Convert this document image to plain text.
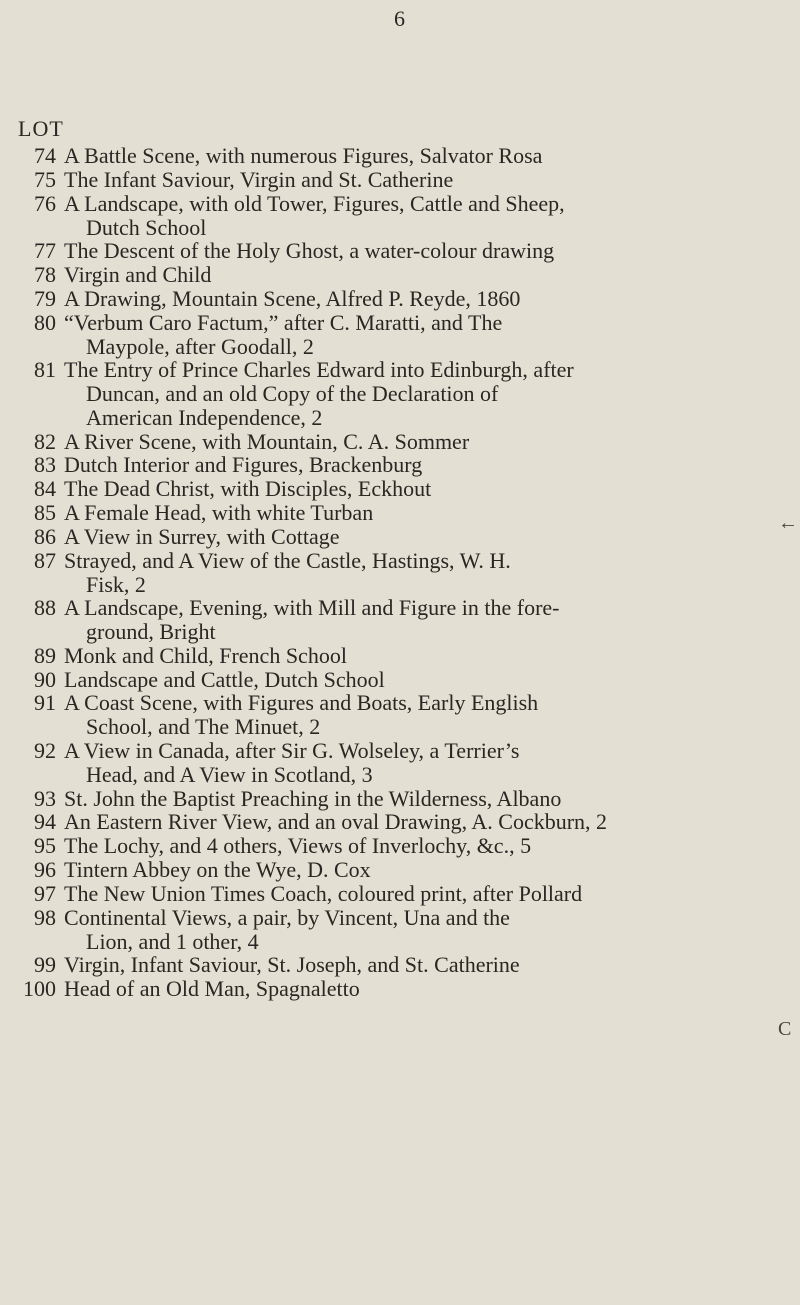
6
LOT
74 A Battle Scene, with numerous Figures, Salvator Rosa
75 The Infant Saviour, Virgin and St. Catherine
76 A Landscape, with old Tower, Figures, Cattle and Sheep,
Dutch School
77 The Descent of the Holy Ghost, a water-colour drawing
78 Virgin and Child
79 A Drawing, Mountain Scene, Alfred P. Reyde, 1860
80 “Verbum Caro Factum,” after C. Maratti, and The
Maypole, after Goodall, 2
81 The Entry of Prince Charles Edward into Edinburgh, after
Duncan, and an old Copy of the Declaration of
American Independence, 2
82 A River Scene, with Mountain, C. A. Sommer
83 Dutch Interior and Figures, Brackenburg
84 The Dead Christ, with Disciples, Eckhout
85 A Female Head, with white Turban
86 A View in Surrey, with Cottage
87 Strayed, and A View of the Castle, Hastings, W. H.
Fisk, 2
88 A Landscape, Evening, with Mill and Figure in the fore-
ground, Bright
89 Monk and Child, French School
90 Landscape and Cattle, Dutch School
91 A Coast Scene, with Figures and Boats, Early English
School, and The Minuet, 2
92 A View in Canada, after Sir G. Wolseley, a Terrier’s
Head, and A View in Scotland, 3
93 St. John the Baptist Preaching in the Wilderness, Albano
94 An Eastern River View, and an oval Drawing, A. Cockburn, 2
95 The Lochy, and 4 others, Views of Inverlochy, &c., 5
96 Tintern Abbey on the Wye, D. Cox
97 The New Union Times Coach, coloured print, after Pollard
98 Continental Views, a pair, by Vincent, Una and the
Lion, and 1 other, 4
99 Virgin, Infant Saviour, St. Joseph, and St. Catherine
100 Head of an Old Man, Spagnaletto
←
C
